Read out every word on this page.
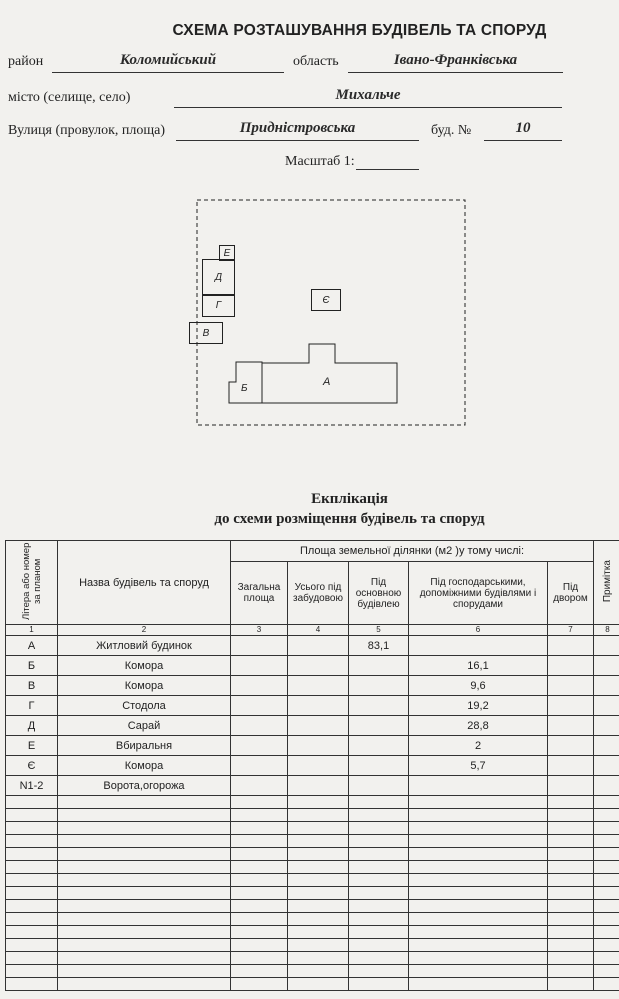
СХЕМА РОЗТАШУВАННЯ БУДІВЕЛЬ ТА СПОРУД
район	Коломийський	область	Івано-Франківська
місто (селище, село)	Михальче
Вулиця (провулок, площа)	Придністровська	буд. №	10
Масштаб 1:
Е
Д
Г
В
Є
А
Б
Екплікація
до схеми розміщення будівель та споруд
Літера або номер за планом	Назва будівель та споруд	Площа земельної ділянки (м2 )у тому числі:					Примітка
		Загальна площа	Усього під забудовою	Під основною будівлею	Під господарськими, допоміжними будівлями і спорудами	Під двором	
1	2	3	4	5	6	7	8
А	Житловий будинок			83,1			
Б	Комора				16,1		
В	Комора				9,6		
Г	Стодола				19,2		
Д	Сарай				28,8		
Е	Вбиральня				2		
Є	Комора				5,7		
N1-2	Ворота,огорожа						
